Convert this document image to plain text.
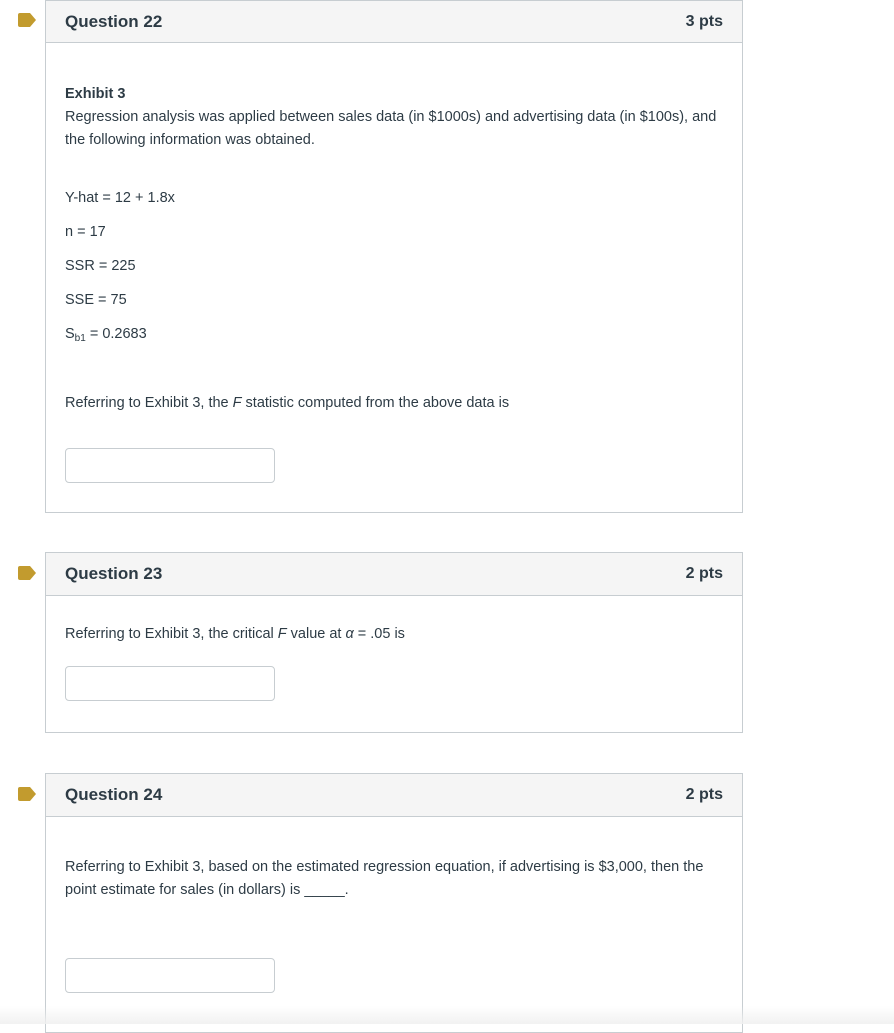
Question 22	3 pts
Exhibit 3

Regression analysis was applied between sales data (in $1000s) and advertising data (in $100s), and the following information was obtained.

Y-hat = 12 + 1.8x

n = 17

SSR = 225

SSE = 75

$S_{b1} = 0.2683$

Referring to Exhibit 3, the F statistic computed from the above data is

Question 23	2 pts

Referring to Exhibit 3, the critical F value at α = .05 is

Question 24	2 pts

Referring to Exhibit 3, based on the estimated regression equation, if advertising is $3,000, then the point estimate for sales (in dollars) is _____.
